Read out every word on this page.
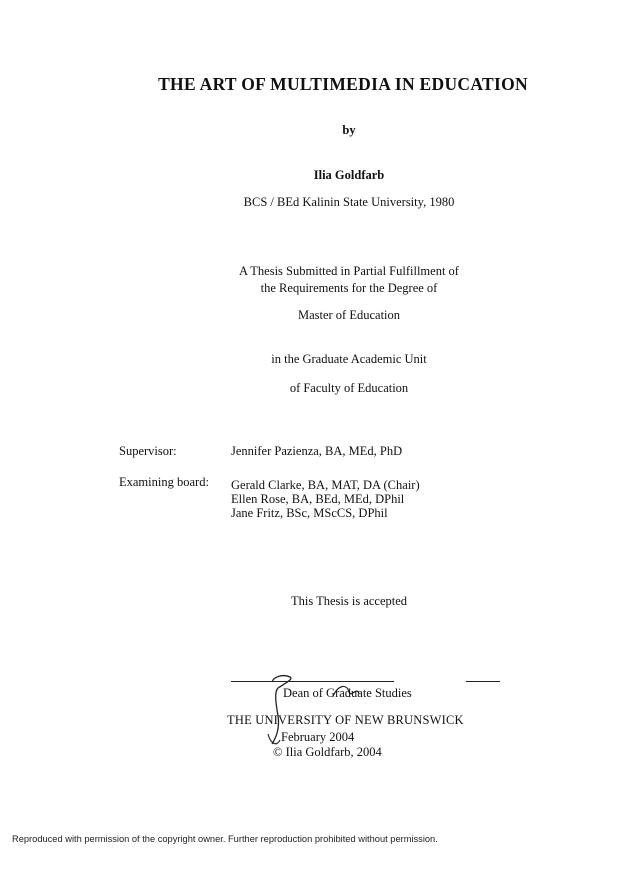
THE ART OF MULTIMEDIA IN EDUCATION
by
Ilia Goldfarb
BCS / BEd Kalinin State University, 1980
A Thesis Submitted in Partial Fulfillment of
the Requirements for the Degree of
Master of Education
in the Graduate Academic Unit
of Faculty of Education
Supervisor:	Jennifer Pazienza, BA, MEd, PhD
Examining board: Gerald Clarke, BA, MAT, DA (Chair)
Ellen Rose, BA, BEd, MEd, DPhil
Jane Fritz, BSc, MScCS, DPhil
This Thesis is accepted
Dean of Graduate Studies
THE UNIVERSITY OF NEW BRUNSWICK
February 2004
© Ilia Goldfarb, 2004
Reproduced with permission of the copyright owner. Further reproduction prohibited without permission.
